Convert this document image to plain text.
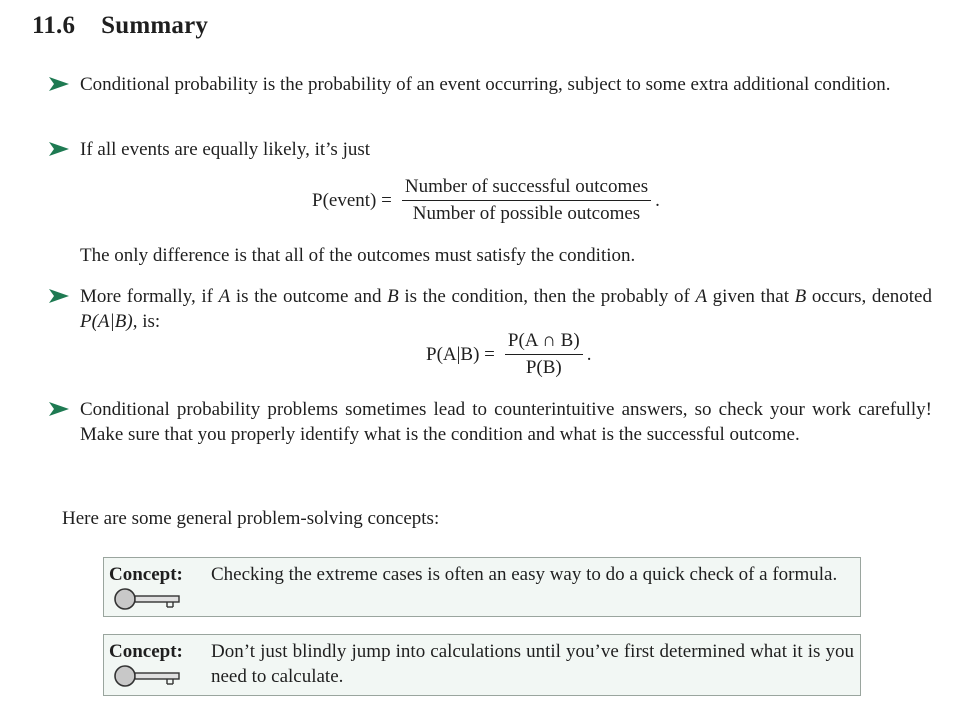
11.6 Summary
Conditional probability is the probability of an event occurring, subject to some extra additional condition.
If all events are equally likely, it’s just
P(event) = $\frac{\text{Number of successful outcomes}}{\text{Number of possible outcomes}}$ .
The only difference is that all of the outcomes must satisfy the condition.
More formally, if A is the outcome and B is the condition, then the probably of A given that B occurs, denoted P(A|B), is:
$P(A|B) = \frac{P(A \cap B)}{P(B)}$ .
Conditional probability problems sometimes lead to counterintuitive answers, so check your work carefully! Make sure that you properly identify what is the condition and what is the successful outcome.
Here are some general problem-solving concepts:
Concept: Checking the extreme cases is often an easy way to do a quick check of a formula.
Concept: Don’t just blindly jump into calculations until you’ve first determined what it is you need to calculate.
